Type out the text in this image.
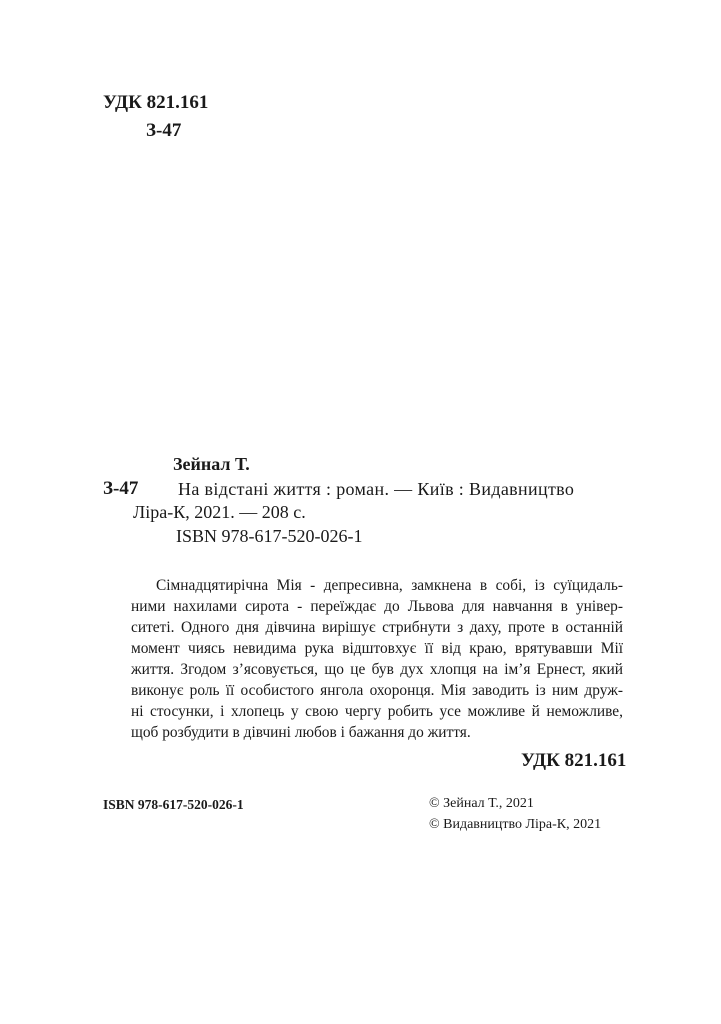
УДК 821.161
З-47
Зейнал Т.
З-47 На відстані життя : роман. — Київ : Видавництво
Ліра-К, 2021. — 208 с.
ISBN 978-617-520-026-1
Сімнадцятирічна Мія - депресивна, замкнена в собі, із суїцидаль-
ними нахилами сирота - переїждає до Львова для навчання в універ-
ситеті. Одного дня дівчина вирішує стрибнути з даху, проте в останній
момент чиясь невидима рука відштовхує її від краю, врятувавши Мії
життя. Згодом з’ясовується, що це був дух хлопця на ім’я Ернест, який
виконує роль її особистого янгола охоронця. Мія заводить із ним друж-
ні стосунки, і хлопець у свою чергу робить усе можливе й неможливе,
щоб розбудити в дівчині любов і бажання до життя.
УДК 821.161
ISBN 978-617-520-026-1	© Зейнал Т., 2021
© Видавництво Ліра-К, 2021
